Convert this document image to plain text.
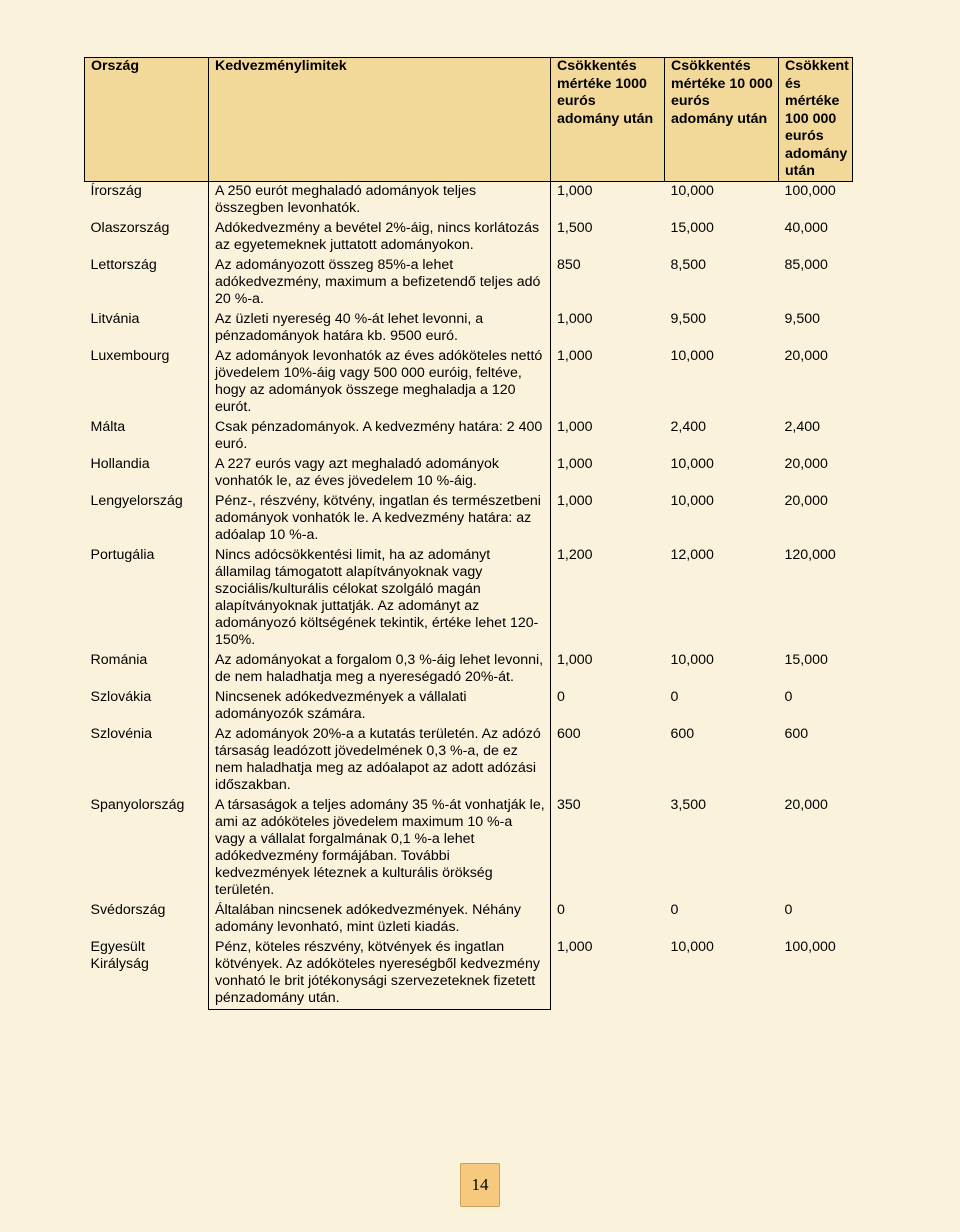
Ország	Kedvezménylimitek	Csökkentés mértéke 1000 eurós adomány után	Csökkentés mértéke 10 000 eurós adomány után	Csökkent és mértéke 100 000 eurós adomány után
Írország	A 250 eurót meghaladó adományok teljes összegben levonhatók.	1,000	10,000	100,000
Olaszország	Adókedvezmény a bevétel 2%-áig, nincs korlátozás az egyetemeknek juttatott adományokon.	1,500	15,000	40,000
Lettország	Az adományozott összeg 85%-a lehet adókedvezmény, maximum a befizetendő teljes adó 20 %-a.	850	8,500	85,000
Litvánia	Az üzleti nyereség 40 %-át lehet levonni, a pénzadományok határa kb. 9500 euró.	1,000	9,500	9,500
Luxembourg	Az adományok levonhatók az éves adóköteles nettó jövedelem 10%-áig vagy 500 000 euróig, feltéve, hogy az adományok összege meghaladja a 120 eurót.	1,000	10,000	20,000
Málta	Csak pénzadományok. A kedvezmény határa: 2 400 euró.	1,000	2,400	2,400
Hollandia	A 227 eurós vagy azt meghaladó adományok vonhatók le, az éves jövedelem 10 %-áig.	1,000	10,000	20,000
Lengyelország	Pénz-, részvény, kötvény, ingatlan és természetbeni adományok vonhatók le. A kedvezmény határa: az adóalap 10 %-a.	1,000	10,000	20,000
Portugália	Nincs adócsökkentési limit, ha az adományt államilag támogatott alapítványoknak vagy szociális/kulturális célokat szolgáló magán alapítványoknak juttatják. Az adományt az adományozó költségének tekintik, értéke lehet 120-150%.	1,200	12,000	120,000
Románia	Az adományokat a forgalom 0,3 %-áig lehet levonni, de nem haladhatja meg a nyereségadó 20%-át.	1,000	10,000	15,000
Szlovákia	Nincsenek adókedvezmények a vállalati adományozók számára.	0	0	0
Szlovénia	Az adományok 20%-a a kutatás területén. Az adózó társaság leadózott jövedelmének 0,3 %-a, de ez nem haladhatja meg az adóalapot az adott adózási időszakban.	600	600	600
Spanyolország	A társaságok a teljes adomány 35 %-át vonhatják le, ami az adóköteles jövedelem maximum 10 %-a vagy a vállalat forgalmának 0,1 %-a lehet adókedvezmény formájában. További kedvezmények léteznek a kulturális örökség területén.	350	3,500	20,000
Svédország	Általában nincsenek adókedvezmények. Néhány adomány levonható, mint üzleti kiadás.	0	0	0
Egyesült Királyság	Pénz, köteles részvény, kötvények és ingatlan kötvények. Az adóköteles nyereségből kedvezmény vonható le brit jótékonysági szervezeteknek fizetett pénzadomány után.	1,000	10,000	100,000
14
